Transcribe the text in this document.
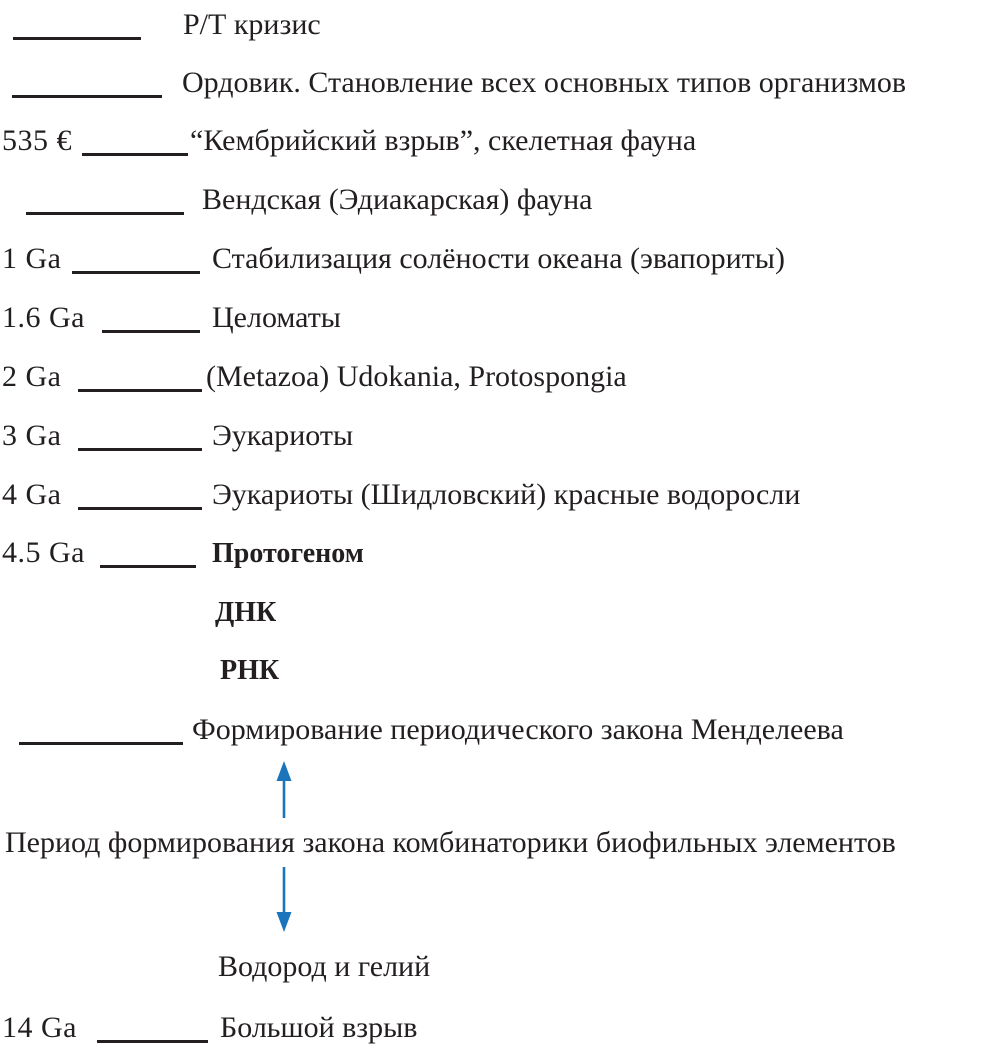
Р/Т кризис
Ордовик. Становление всех основных типов организмов
535 €	“Кембрийский взрыв”, скелетная фауна
Вендская (Эдиакарская) фауна
1 Ga	Стабилизация солёности океана (эвапориты)
1.6 Ga	Целоматы
2 Ga	(Metazoa) Udokania, Protospongia
3 Ga	Эукариоты
4 Ga	Эукариоты (Шидловский) красные водоросли
4.5 Ga	Протогеном
ДНК
РНК
Формирование периодического закона Менделеева
Период формирования закона комбинаторики биофильных элементов
Водород и гелий
14 Ga	Большой взрыв
